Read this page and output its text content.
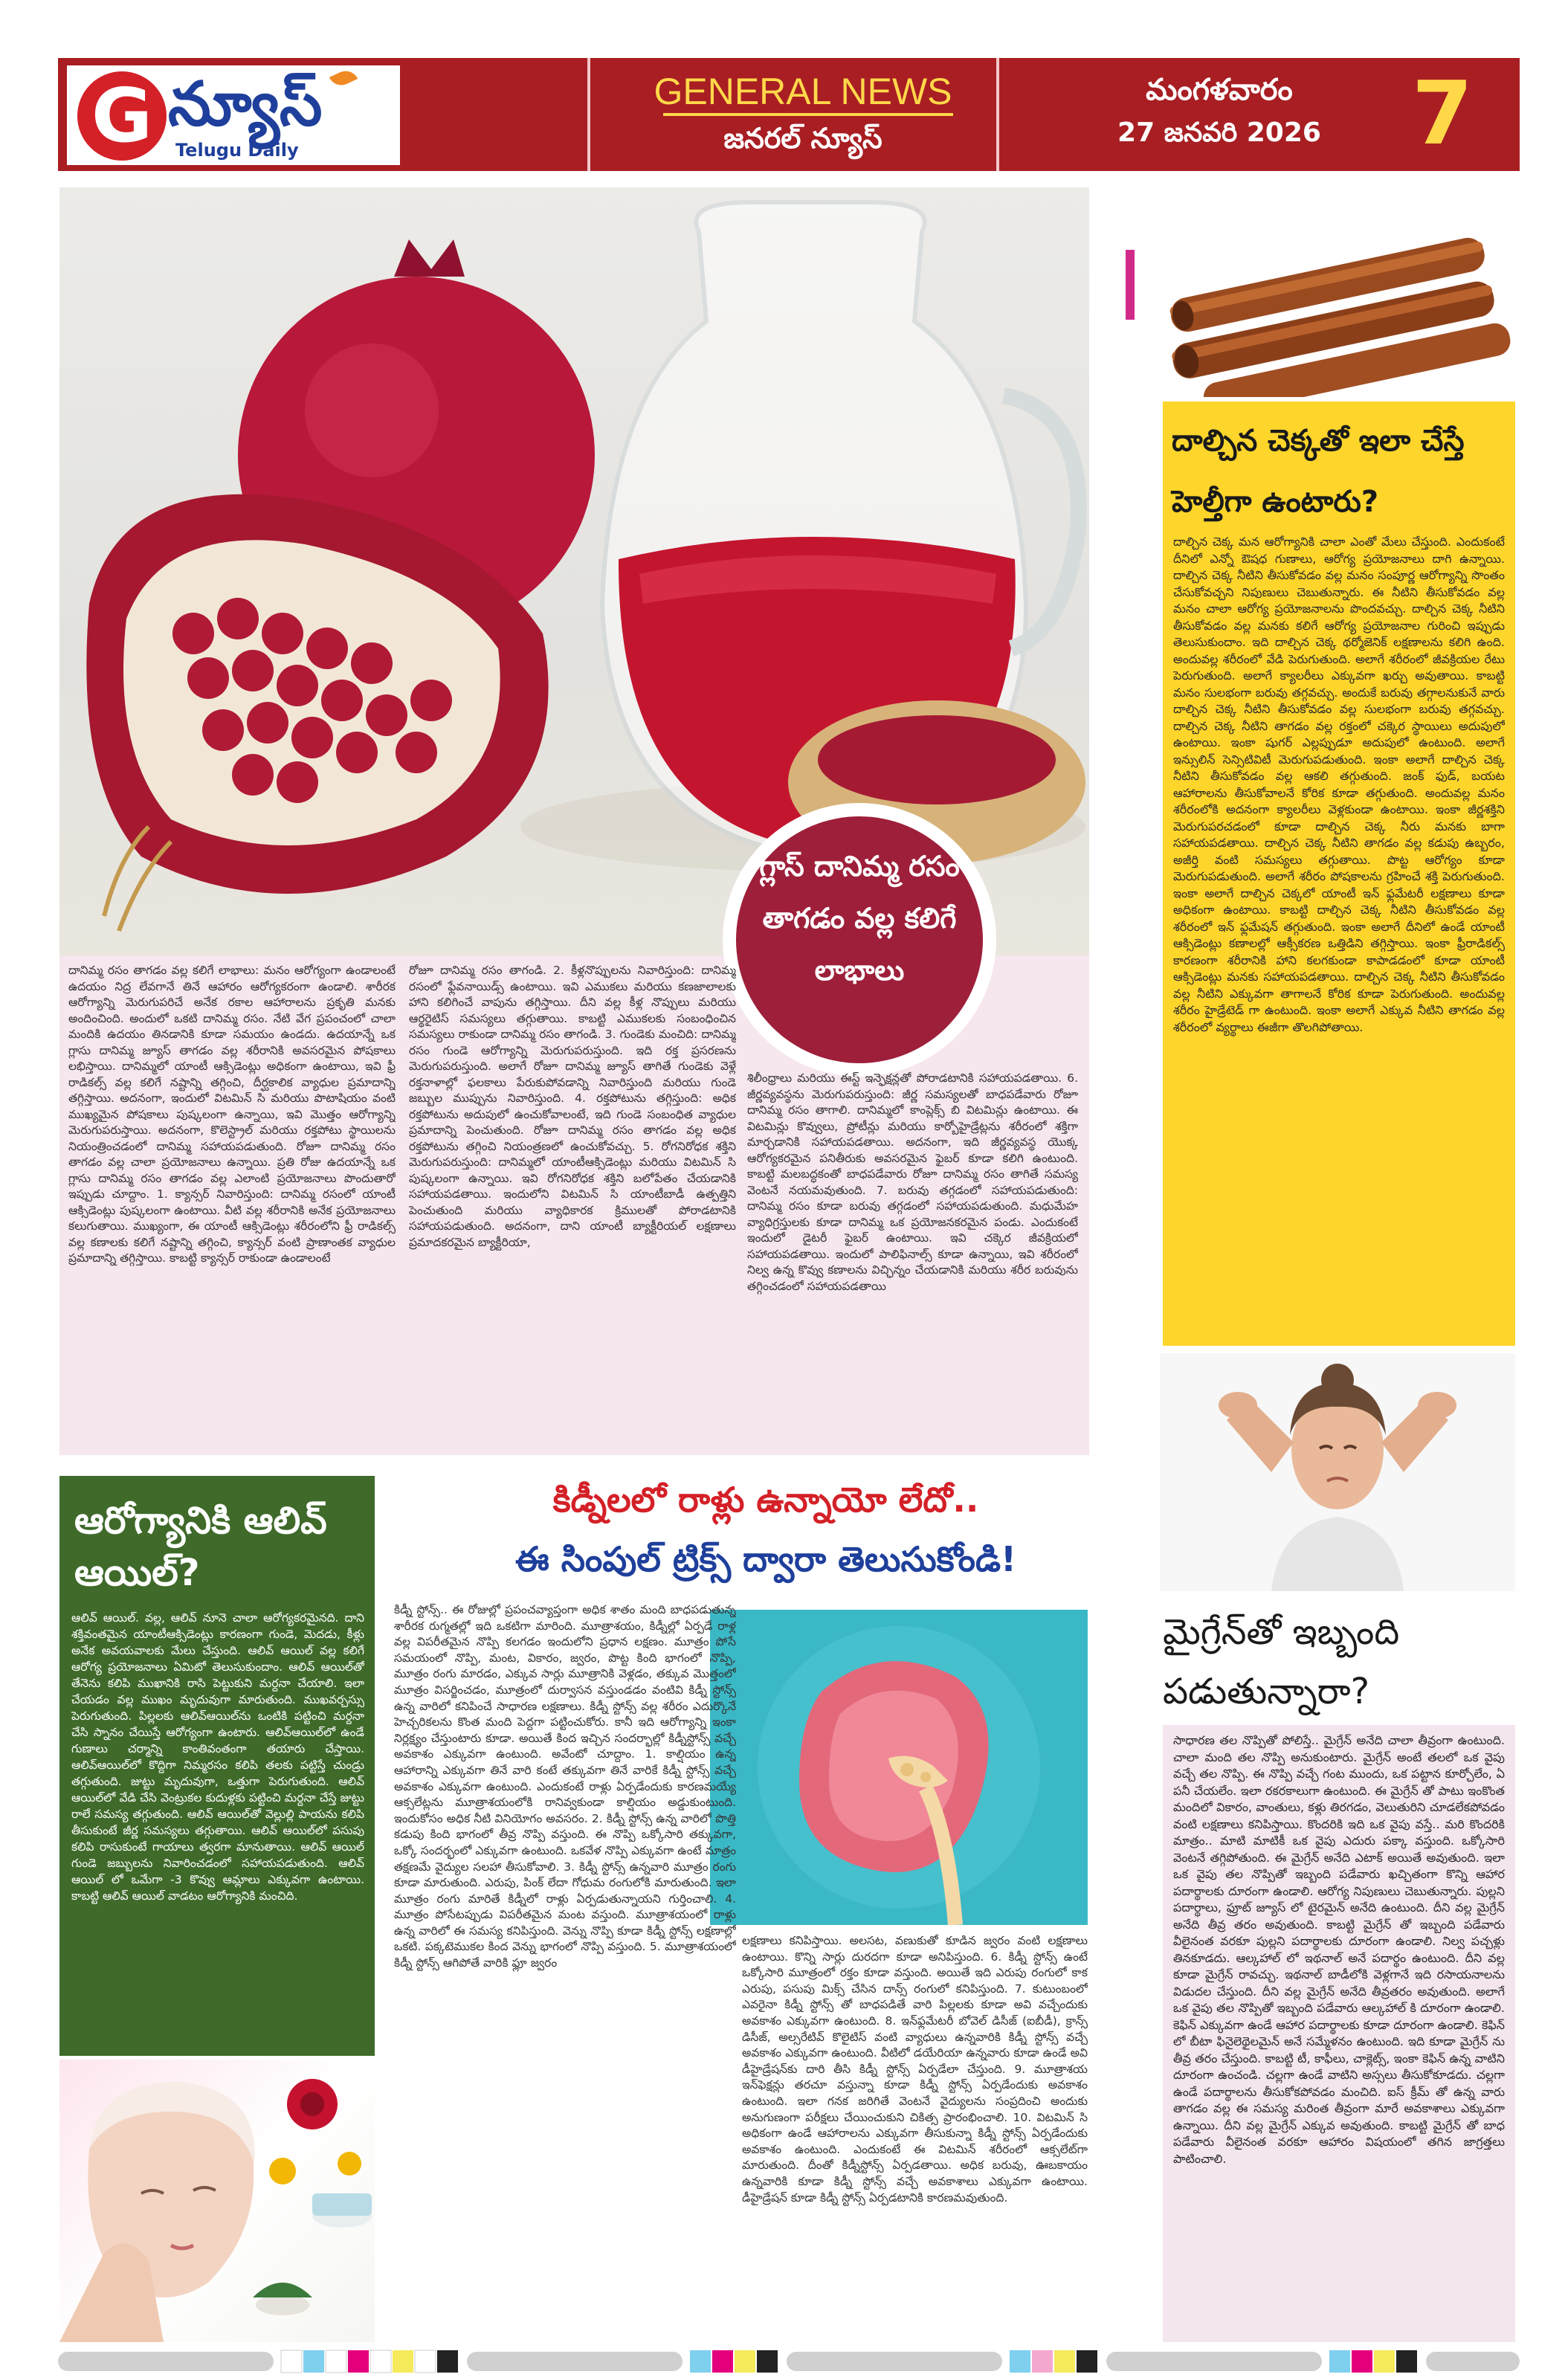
G న్యూస్
Telugu Daily
GENERAL NEWS
జనరల్ న్యూస్
మంగళవారం
27 జనవరి 2026	7
గ్లాస్ దానిమ్మ రసం తాగడం వల్ల కలిగే లాభాలు
దానిమ్మ రసం తాగడం వల్ల కలిగే లాభాలు: మనం ఆరోగ్యంగా ఉండాలంటే ఉదయం నిద్ర లేవగానే తినే ఆహారం ఆరోగ్యకరంగా ఉండాలి. శారీరక ఆరోగ్యాన్ని మెరుగుపరిచే అనేక రకాల ఆహారాలను ప్రకృతి మనకు అందించింది. అందులో ఒకటి దానిమ్మ రసం. నేటి వేగ ప్రపంచంలో చాలా మందికి ఉదయం తినడానికి కూడా సమయం ఉండదు. ఉదయాన్నే ఒక గ్లాసు దానిమ్మ జ్యూస్ తాగడం వల్ల శరీరానికి అవసరమైన పోషకాలు లభిస్తాయి. దానిమ్మలో యాంటీ ఆక్సిడెంట్లు అధికంగా ఉంటాయి, ఇవి ఫ్రీ రాడికల్స్ వల్ల కలిగే నష్టాన్ని తగ్గించి, దీర్ఘకాలిక వ్యాధుల ప్రమాదాన్ని తగ్గిస్తాయి. అదనంగా, ఇందులో విటమిన్ సి మరియు పొటాషియం వంటి ముఖ్యమైన పోషకాలు పుష్కలంగా ఉన్నాయి, ఇవి మొత్తం ఆరోగ్యాన్ని మెరుగుపరుస్తాయి. అదనంగా, కొలెస్ట్రాల్ మరియు రక్తపోటు స్థాయిలను నియంత్రించడంలో దానిమ్మ సహాయపడుతుంది. రోజూ దానిమ్మ రసం తాగడం వల్ల చాలా ప్రయోజనాలు ఉన్నాయి. ప్రతి రోజు ఉదయాన్నే ఒక గ్లాసు దానిమ్మ రసం తాగడం వల్ల ఎలాంటి ప్రయోజనాలు పొందుతారో ఇప్పుడు చూద్దాం. 1. క్యాన్సర్ నివారిస్తుంది: దానిమ్మ రసంలో యాంటీ ఆక్సిడెంట్లు పుష్కలంగా ఉంటాయి. వీటి వల్ల శరీరానికి అనేక ప్రయోజనాలు కలుగుతాయి. ముఖ్యంగా, ఈ యాంటీ ఆక్సిడెంట్లు శరీరంలోని ఫ్రీ రాడికల్స్ వల్ల కణాలకు కలిగే నష్టాన్ని తగ్గించి, క్యాన్సర్ వంటి ప్రాణాంతక వ్యాధుల ప్రమాదాన్ని తగ్గిస్తాయి. కాబట్టి క్యాన్సర్ రాకుండా ఉండాలంటే
రోజూ దానిమ్మ రసం తాగండి. 2. కీళ్లనొప్పులను నివారిస్తుంది: దానిమ్మ రసంలో ఫ్లేవనాయిడ్స్ ఉంటాయి. ఇవి ఎముకలు మరియు కణజాలాలకు హాని కలిగించే వాపును తగ్గిస్తాయి. దీని వల్ల కీళ్ల నొప్పులు మరియు ఆర్థరైటిస్ సమస్యలు తగ్గుతాయి. కాబట్టి ఎముకలకు సంబంధించిన సమస్యలు రాకుండా దానిమ్మ రసం తాగండి. 3. గుండెకు మంచిది: దానిమ్మ రసం గుండె ఆరోగ్యాన్ని మెరుగుపరుస్తుంది. ఇది రక్త ప్రసరణను మెరుగుపరుస్తుంది. అలాగే రోజూ దానిమ్మ జ్యూస్ తాగితే గుండెకు వెళ్లే రక్తనాళాల్లో ఫలకాలు పేరుకుపోవడాన్ని నివారిస్తుంది మరియు గుండె జబ్బుల ముప్పును నివారిస్తుంది. 4. రక్తపోటును తగ్గిస్తుంది: అధిక రక్తపోటును అదుపులో ఉంచుకోవాలంటే, ఇది గుండె సంబంధిత వ్యాధుల ప్రమాదాన్ని పెంచుతుంది. రోజూ దానిమ్మ రసం తాగడం వల్ల అధిక రక్తపోటును తగ్గించి నియంత్రణలో ఉంచుకోవచ్చు. 5. రోగనిరోధక శక్తిని మెరుగుపరుస్తుంది: దానిమ్మలో యాంటీఆక్సిడెంట్లు మరియు విటమిన్ సి పుష్కలంగా ఉన్నాయి. ఇవి రోగనిరోధక శక్తిని బలోపేతం చేయడానికి సహాయపడతాయి. ఇందులోని విటమిన్ సి యాంటీబాడీ ఉత్పత్తిని పెంచుతుంది మరియు వ్యాధికారక క్రిములతో పోరాడటానికి సహాయపడుతుంది. అదనంగా, దాని యాంటీ బ్యాక్టీరియల్ లక్షణాలు ప్రమాదకరమైన బ్యాక్టీరియా,
శిలీంధ్రాలు మరియు ఈస్ట్ ఇన్ఫెక్షన్లతో పోరాడటానికి సహాయపడతాయి. 6. జీర్ణవ్యవస్థను మెరుగుపరుస్తుంది: జీర్ణ సమస్యలతో బాధపడేవారు రోజూ దానిమ్మ రసం తాగాలి. దానిమ్మలో కాంప్లెక్స్ బి విటమిన్లు ఉంటాయి. ఈ విటమిన్లు కొవ్వులు, ప్రోటీన్లు మరియు కార్బోహైడ్రేట్లను శరీరంలో శక్తిగా మార్చడానికి సహాయపడతాయి. అదనంగా, ఇది జీర్ణవ్యవస్థ యొక్క ఆరోగ్యకరమైన పనితీరుకు అవసరమైన ఫైబర్ కూడా కలిగి ఉంటుంది. కాబట్టి మలబద్ధకంతో బాధపడేవారు రోజూ దానిమ్మ రసం తాగితే సమస్య వెంటనే నయమవుతుంది. 7. బరువు తగ్గడంలో సహాయపడుతుంది: దానిమ్మ రసం కూడా బరువు తగ్గడంలో సహాయపడుతుంది. మధుమేహ వ్యాధిగ్రస్తులకు కూడా దానిమ్మ ఒక ప్రయోజనకరమైన పండు. ఎందుకంటే ఇందులో డైటరీ ఫైబర్ ఉంటాయి. ఇవి చక్కెర జీవక్రియలో సహాయపడతాయి. ఇందులో పాలిఫినాల్స్ కూడా ఉన్నాయి, ఇవి శరీరంలో నిల్వ ఉన్న కొవ్వు కణాలను విచ్ఛిన్నం చేయడానికి మరియు శరీర బరువును తగ్గించడంలో సహాయపడతాయి
దాల్చిన చెక్కతో ఇలా చేస్తే హెల్తీగా ఉంటారు?
దాల్చిన చెక్క మన ఆరోగ్యానికి చాలా ఎంతో మేలు చేస్తుంది. ఎందుకంటే దీనిలో ఎన్నో ఔషధ గుణాలు, ఆరోగ్య ప్రయోజనాలు దాగి ఉన్నాయి. దాల్చిన చెక్క నీటిని తీసుకోవడం వల్ల మనం సంపూర్ణ ఆరోగ్యాన్ని సొంతం చేసుకోవచ్చని నిపుణులు చెబుతున్నారు. ఈ నీటిని తీసుకోవడం వల్ల మనం చాలా ఆరోగ్య ప్రయోజనాలను పొందవచ్చు. దాల్చిన చెక్క నీటిని తీసుకోవడం వల్ల మనకు కలిగే ఆరోగ్య ప్రయోజనాల గురించి ఇప్పుడు తెలుసుకుందాం. ఇది దాల్చిన చెక్క థర్మోజెనిక్ లక్షణాలను కలిగి ఉంది. అందువల్ల శరీరంలో వేడి పెరుగుతుంది. అలాగే శరీరంలో జీవక్రియల రేటు పెరుగుతుంది. అలాగే క్యాలరీలు ఎక్కువగా ఖర్చు అవుతాయి. కాబట్టి మనం సులభంగా బరువు తగ్గవచ్చు. అందుకే బరువు తగ్గాలనుకునే వారు దాల్చిన చెక్క నీటిని తీసుకోవడం వల్ల సులభంగా బరువు తగ్గవచ్చు. దాల్చిన చెక్క నీటిని తాగడం వల్ల రక్తంలో చక్కెర స్థాయిలు అదుపులో ఉంటాయి. ఇంకా షుగర్ ఎల్లప్పుడూ అదుపులో ఉంటుంది. అలాగే ఇన్సులిన్ సెన్సిటివిటీ మెరుగుపడుతుంది. ఇంకా అలాగే దాల్చిన చెక్క నీటిని తీసుకోవడం వల్ల ఆకలి తగ్గుతుంది. జంక్ ఫుడ్, బయట ఆహారాలను తీసుకోవాలనే కోరిక కూడా తగ్గుతుంది. అందువల్ల మనం శరీరంలోకి అదనంగా క్యాలరీలు వెళ్లకుండా ఉంటాయి. ఇంకా జీర్ణశక్తిని మెరుగుపరచడంలో కూడా దాల్చిన చెక్క నీరు మనకు బాగా సహాయపడతాయి. దాల్చిన చెక్క నీటిని తాగడం వల్ల కడుపు ఉబ్బరం, అజీర్తి వంటి సమస్యలు తగ్గుతాయి. పొట్ట ఆరోగ్యం కూడా మెరుగుపడుతుంది. అలాగే శరీరం పోషకాలను గ్రహించే శక్తి పెరుగుతుంది. ఇంకా అలాగే దాల్చిన చెక్కలో యాంటీ ఇన్ ఫ్లమేటరీ లక్షణాలు కూడా అధికంగా ఉంటాయి. కాబట్టి దాల్చిన చెక్క నీటిని తీసుకోవడం వల్ల శరీరంలో ఇన్ ఫ్లమేషన్ తగ్గుతుంది. ఇంకా అలాగే దీనిలో ఉండే యాంటీ ఆక్సిడెంట్లు కణాలల్లో ఆక్సీకరణ ఒత్తిడిని తగ్గిస్తాయి. ఇంకా ఫ్రీరాడికల్స్ కారణంగా శరీరానికి హాని కలగకుండా కాపాడడంలో కూడా యాంటీ ఆక్సిడెంట్లు మనకు సహాయపడతాయి. దాల్చిన చెక్క నీటిని తీసుకోవడం వల్ల నీటిని ఎక్కువగా తాగాలనే కోరిక కూడా పెరుగుతుంది. అందువల్ల శరీరం హైడ్రేటెడ్ గా ఉంటుంది. ఇంకా అలాగే ఎక్కువ నీటిని తాగడం వల్ల శరీరంలో వ్యర్థాలు ఈజీగా తొలగిపోతాయి.
మైగ్రేన్‌తో ఇబ్బంది పడుతున్నారా?
సాధారణ తల నొప్పితో పోలిస్తే.. మైగ్రేన్ అనేది చాలా తీవ్రంగా ఉంటుంది. చాలా మంది తల నొప్పి అనుకుంటారు. మైగ్రేన్ అంటే తలలో ఒక వైపు వచ్చే తల నొప్పి. ఈ నొప్పి వచ్చే గంట ముందు, ఒక పట్టాన కూర్చోలేం, ఏ పనీ చేయలేం. ఇలా రకరకాలుగా ఉంటుంది. ఈ మైగ్రేన్ తో పాటు ఇంకొంత మందిలో వికారం, వాంతులు, కళ్లు తిరగడం, వెలుతురిని చూడలేకపోవడం వంటి లక్షణాలు కనిపిస్తాయి. కొందరికి ఇది ఒక వైపు వస్తే.. మరి కొందరికి మాత్రం.. మాటి మాటికీ ఒక వైపు ఎదురు పక్కా వస్తుంది. ఒక్కోసారి వెంటనే తగ్గిపోతుంది. ఈ మైగ్రేన్ అనేది ఎటాక్ అయితే అవుతుంది. ఇలా ఒక వైపు తల నొప్పితో ఇబ్బంది పడేవారు ఖచ్చితంగా కొన్ని ఆహార పదార్థాలకు దూరంగా ఉండాలి. ఆరోగ్య నిపుణులు చెబుతున్నారు. పుల్లని పదార్థాలు, ఫ్రూట్ జ్యూస్ లో టైరమైన్ అనేది ఉంటుంది. దీని వల్ల మైగ్రేన్ అనేది తీవ్ర తరం అవుతుంది. కాబట్టి మైగ్రేన్ తో ఇబ్బంది పడేవారు వీలైనంత వరకూ పుల్లని పదార్థాలకు దూరంగా ఉండాలి. నిల్వ పచ్చళ్లు తినకూడదు. ఆల్కహాల్ లో ఇథనాల్ అనే పదార్థం ఉంటుంది. దీని వల్ల కూడా మైగ్రేన్ రావచ్చు. ఇథనాల్ బాడీలోకి వెళ్లగానే ఇది రసాయనాలను విడుదల చేస్తుంది. దీని వల్ల మైగ్రేన్ అనేది తీవ్రతరం అవుతుంది. అలాగే ఒక వైపు తల నొప్పితో ఇబ్బంది పడేవారు ఆల్కహాల్ కి దూరంగా ఉండాలి. కెఫిన్ ఎక్కువగా ఉండే ఆహార పదార్థాలకు కూడా దూరంగా ఉండాలి. కెఫిన్ లో బీటా ఫినైలెథైలమైన్ అనే సమ్మేళనం ఉంటుంది. ఇది కూడా మైగ్రేన్ ను తీవ్ర తరం చేస్తుంది. కాబట్టి టీ, కాఫీలు, చాక్లెట్స్, ఇంకా కెఫిన్ ఉన్న వాటిని దూరంగా ఉంచండి. చల్లగా ఉండే వాటిని అస్సలు తీసుకోకూడదు. చల్లగా ఉండే పదార్థాలను తీసుకోకపోవడం మంచిది. ఐస్ క్రీమ్ తో ఉన్న వారు తాగడం వల్ల ఈ సమస్య మరింత తీవ్రంగా మారే అవకాశాలు ఎక్కువగా ఉన్నాయి. దీని వల్ల మైగ్రేన్ ఎక్కువ అవుతుంది. కాబట్టి మైగ్రేన్ తో బాధ పడేవారు వీలైనంత వరకూ ఆహారం విషయంలో తగిన జాగ్రత్తలు పాటించాలి.
ఆరోగ్యానికి ఆలివ్ ఆయిల్?
ఆలివ్ ఆయిల్. వల్ల, ఆలివ్ నూనె చాలా ఆరోగ్యకరమైనది. దాని శక్తివంతమైన యాంటీఆక్సిడెంట్లు కారణంగా గుండె, మెదడు, కీళ్లు అనేక అవయవాలకు మేలు చేస్తుంది. ఆలివ్ ఆయిల్ వల్ల కలిగే ఆరోగ్య ప్రయోజనాలు ఏమిటో తెలుసుకుందాం. ఆలివ్ ఆయిల్‌తో తేనెను కలిపి ముఖానికి రాసి పెట్టుకుని మర్దనా చేయాలి. ఇలా చేయడం వల్ల ముఖం మృదువుగా మారుతుంది. ముఖవర్చస్సు పెరుగుతుంది. పిల్లలకు ఆలివ్‌ఆయిల్‌ను ఒంటికి పట్టించి మర్దనా చేసి స్నానం చేయిస్తే ఆరోగ్యంగా ఉంటారు. ఆలివ్‌ఆయిల్‌లో ఉండే గుణాలు చర్మాన్ని కాంతివంతంగా తయారు చేస్తాయి. ఆలివ్‌ఆయిల్‌లో కొద్దిగా నిమ్మరసం కలిపి తలకు పట్టిస్తే చుండ్రు తగ్గుతుంది. జుట్టు మృదువుగా, ఒత్తుగా పెరుగుతుంది. ఆలివ్ ఆయిల్‌లో వేడి చేసి వెంట్రుకల కుదుళ్లకు పట్టించి మర్దనా చేస్తే జుట్టు రాలే సమస్య తగ్గుతుంది. ఆలివ్ ఆయిల్‌తో వెల్లుల్లి పాయను కలిపి తీసుకుంటే జీర్ణ సమస్యలు తగ్గుతాయి. ఆలివ్ ఆయిల్‌లో పసుపు కలిపి రాసుకుంటే గాయాలు త్వరగా మానుతాయి. ఆలివ్ ఆయిల్ గుండె జబ్బులను నివారించడంలో సహాయపడుతుంది. ఆలివ్ ఆయిల్ లో ఒమేగా -3 కొవ్వు ఆమ్లాలు ఎక్కువగా ఉంటాయి. కాబట్టి ఆలివ్ ఆయిల్ వాడటం ఆరోగ్యానికి మంచిది.
కిడ్నీలలో రాళ్లు ఉన్నాయో లేదో..
ఈ సింపుల్ ట్రిక్స్ ద్వారా తెలుసుకోండి!
కిడ్నీ స్టోన్స్.. ఈ రోజుల్లో ప్రపంచవ్యాప్తంగా అధిక శాతం మంది బాధపడుతున్న శారీరక రుగ్మతల్లో ఇది ఒకటిగా మారింది. మూత్రాశయం, కిడ్నీల్లో ఏర్పడే రాళ్ల వల్ల విపరీతమైన నొప్పి కలగడం ఇందులోని ప్రధాన లక్షణం. మూత్రం పోసే సమయంలో నొప్పి, మంట, వికారం, జ్వరం, పొట్ట కింది భాగంలో నొప్పి, మూత్రం రంగు మారడం, ఎక్కువ సార్లు మూత్రానికి వెళ్లడం, తక్కువ మొత్తంలో మూత్రం విసర్జించడం, మూత్రంలో దుర్వాసన వస్తుండడం వంటివి కిడ్నీ స్టోన్స్ ఉన్న వారిలో కనిపించే సాధారణ లక్షణాలు. కిడ్నీ స్టోన్స్ వల్ల శరీరం ఎదుర్కొనే హెచ్చరికలను కొంత మంది పెద్దగా పట్టించుకోరు. కానీ ఇది ఆరోగ్యాన్ని ఇంకా నిర్లక్ష్యం చేస్తుంటారు కూడా. అయితే కింద ఇచ్చిన సందర్భాల్లో కిడ్నీస్టోన్స్ వచ్చే అవకాశం ఎక్కువగా ఉంటుంది. అవేంటో చూద్దాం. 1. కాల్షియం ఉన్న ఆహారాన్ని ఎక్కువగా తినే వారి కంటే తక్కువగా తినే వారికే కిడ్నీ స్టోన్స్ వచ్చే అవకాశం ఎక్కువగా ఉంటుంది. ఎందుకంటే రాళ్లు ఏర్పడేందుకు కారణమయ్యే ఆక్సలేట్లను మూత్రాశయంలోకి రానివ్వకుండా కాల్షియం అడ్డుకుంటుంది. ఇందుకోసం అధిక నీటి వినియోగం అవసరం. 2. కిడ్నీ స్టోన్స్ ఉన్న వారిలో పొత్తి కడుపు కింది భాగంలో తీవ్ర నొప్పి వస్తుంది. ఈ నొప్పి ఒక్కోసారి తక్కువగా, ఒక్కో సందర్భంలో ఎక్కువగా ఉంటుంది. ఒకవేళ నొప్పి ఎక్కువగా ఉంటే మాత్రం తక్షణమే వైద్యుల సలహా తీసుకోవాలి. 3. కిడ్నీ స్టోన్స్ ఉన్నవారి మూత్రం రంగు కూడా మారుతుంది. ఎరుపు, పింక్ లేదా గోధుమ రంగులోకి మారుతుంది. ఇలా మూత్రం రంగు మారితే కిడ్నీలో రాళ్లు ఏర్పడుతున్నాయని గుర్తించాలి. 4. మూత్రం పోసేటప్పుడు విపరీతమైన మంట వస్తుంది. మూత్రాశయంలో రాళ్లు ఉన్న వారిలో ఈ సమస్య కనిపిస్తుంది. వెన్ను నొప్పి కూడా కిడ్నీ స్టోన్స్ లక్షణాల్లో ఒకటి. పక్కటెముకల కింద వెన్ను భాగంలో నొప్పి వస్తుంది. 5. మూత్రాశయంలో కిడ్నీ స్టోన్స్ ఆగిపోతే వారికి ఫ్లూ జ్వరం
లక్షణాలు కనిపిస్తాయి. అలసట, వణుకుతో కూడిన జ్వరం వంటి లక్షణాలు ఉంటాయి. కొన్ని సార్లు దురదగా కూడా అనిపిస్తుంది. 6. కిడ్నీ స్టోన్స్ ఉంటే ఒక్కోసారి మూత్రంలో రక్తం కూడా వస్తుంది. అయితే ఇది ఎరుపు రంగులో కాక ఎరుపు, పసుపు మిక్స్ చేసిన దాన్స్ రంగులో కనిపిస్తుంది. 7. కుటుంబంలో ఎవరైనా కిడ్నీ స్టోన్స్ తో బాధపడితే వారి పిల్లలకు కూడా అవి వచ్చేందుకు అవకాశం ఎక్కువగా ఉంటుంది. 8. ఇన్‌ఫ్లమేటరీ బోవెల్ డిసీజ్ (ఐబీడీ), క్రాన్స్ డిసీజ్, అల్సరేటివ్ కొలైటిస్ వంటి వ్యాధులు ఉన్నవారికి కిడ్నీ స్టోన్స్ వచ్చే అవకాశం ఎక్కువగా ఉంటుంది. వీటిలో డయేరియా ఉన్నవారు కూడా ఉండే అవి డీహైడ్రేషన్‌కు దారి తీసి కిడ్నీ స్టోన్స్ ఏర్పడేలా చేస్తుంది. 9. మూత్రాశయ ఇన్‌ఫెక్షన్లు తరచూ వస్తున్నా కూడా కిడ్నీ స్టోన్స్ ఏర్పడేందుకు అవకాశం ఉంటుంది. ఇలా గనక జరిగితే వెంటనే వైద్యులను సంప్రదించి అందుకు అనుగుణంగా పరీక్షలు చేయించుకుని చికిత్స ప్రారంభించాలి. 10. విటమిన్ సి అధికంగా ఉండే ఆహారాలను ఎక్కువగా తీసుకున్నా కిడ్నీ స్టోన్స్ ఏర్పడేందుకు అవకాశం ఉంటుంది. ఎందుకంటే ఈ విటమిన్ శరీరంలో ఆక్సలేట్‌గా మారుతుంది. దీంతో కిడ్నీస్టోన్స్ ఏర్పడతాయి. అధిక బరువు, ఊబకాయం ఉన్నవారికి కూడా కిడ్నీ స్టోన్స్ వచ్చే అవకాశాలు ఎక్కువగా ఉంటాయి. డీహైడ్రేషన్ కూడా కిడ్నీ స్టోన్స్ ఏర్పడటానికి కారణమవుతుంది.
